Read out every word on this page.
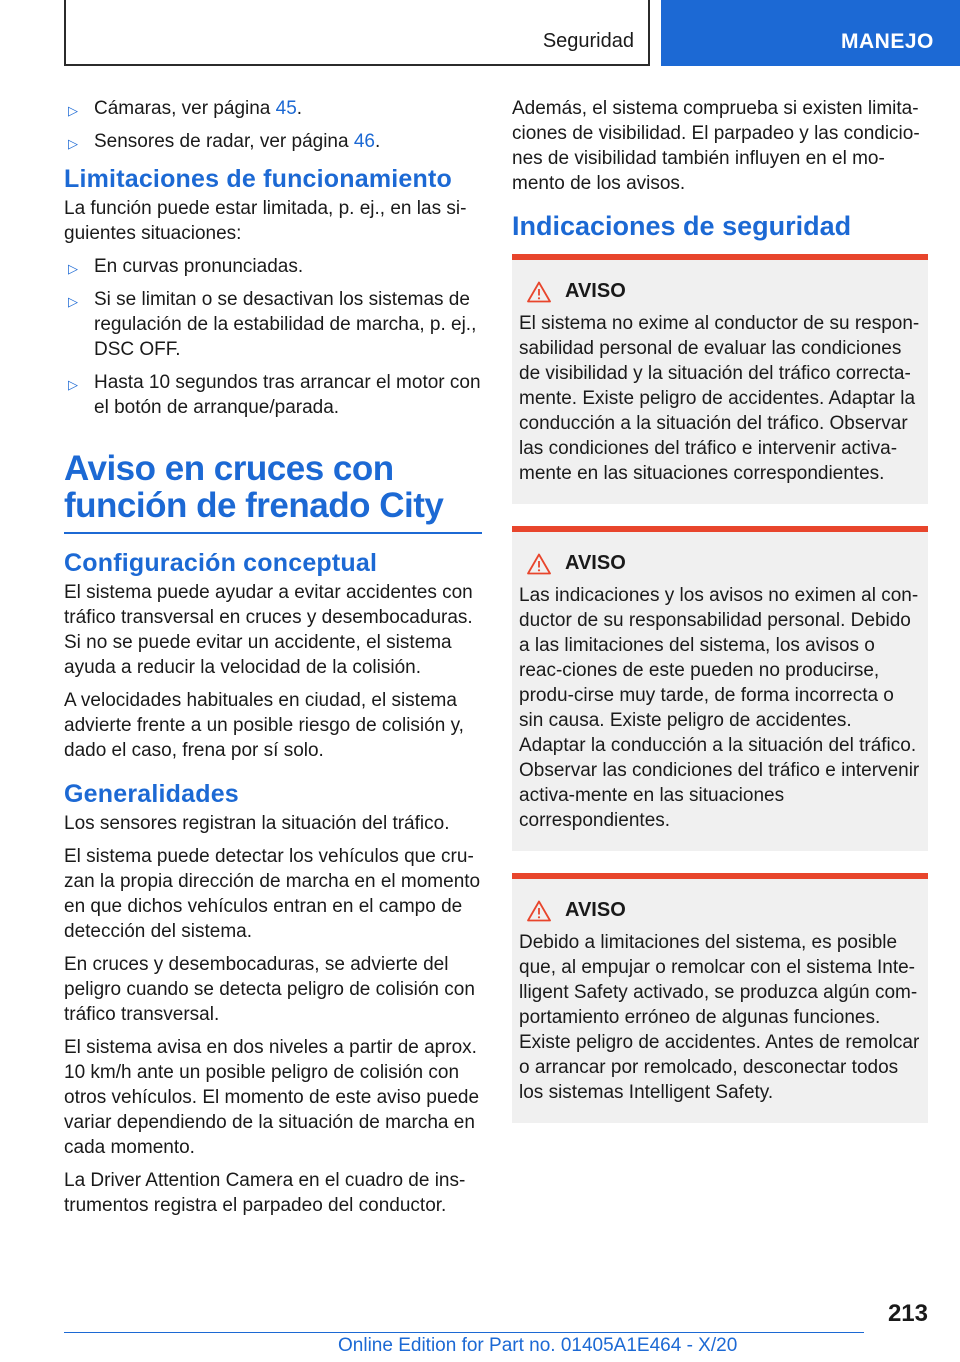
Seguridad	MANEJO
▷ Cámaras, ver página 45.
▷ Sensores de radar, ver página 46.
Limitaciones de funcionamiento

La función puede estar limitada, p. ej., en las si‐guientes situaciones:

▷ En curvas pronunciadas.
▷ Si se limitan o se desactivan los sistemas de regulación de la estabilidad de marcha, p. ej., DSC OFF.
▷ Hasta 10 segundos tras arrancar el motor con el botón de arranque/parada.
Aviso en cruces con función de frenado City
Configuración conceptual

El sistema puede ayudar a evitar accidentes con tráfico transversal en cruces y desembocaduras. Si no se puede evitar un accidente, el sistema ayuda a reducir la velocidad de la colisión.

A velocidades habituales en ciudad, el sistema advierte frente a un posible riesgo de colisión y, dado el caso, frena por sí solo.

Generalidades

Los sensores registran la situación del tráfico.

El sistema puede detectar los vehículos que cru‐zan la propia dirección de marcha en el momento en que dichos vehículos entran en el campo de detección del sistema.

En cruces y desembocaduras, se advierte del peligro cuando se detecta peligro de colisión con tráfico transversal.

El sistema avisa en dos niveles a partir de aprox. 10 km/h ante un posible peligro de colisión con otros vehículos. El momento de este aviso puede variar dependiendo de la situación de marcha en cada momento.

La Driver Attention Camera en el cuadro de ins‐trumentos registra el parpadeo del conductor.

Además, el sistema comprueba si existen limita‐ciones de visibilidad. El parpadeo y las condicio‐nes de visibilidad también influyen en el mo‐mento de los avisos.

Indicaciones de seguridad
AVISO

El sistema no exime al conductor de su respon‐sabilidad personal de evaluar las condiciones de visibilidad y la situación del tráfico correcta‐mente. Existe peligro de accidentes. Adaptar la conducción a la situación del tráfico. Observar las condiciones del tráfico e intervenir activa‐mente en las situaciones correspondientes.

AVISO

Las indicaciones y los avisos no eximen al con‐ductor de su responsabilidad personal. Debido a las limitaciones del sistema, los avisos o reac‐ciones de este pueden no producirse, produ‐cirse muy tarde, de forma incorrecta o sin causa. Existe peligro de accidentes. Adaptar la conducción a la situación del tráfico. Observar las condiciones del tráfico e intervenir activa‐mente en las situaciones correspondientes.

AVISO

Debido a limitaciones del sistema, es posible que, al empujar o remolcar con el sistema Inte‐lligent Safety activado, se produzca algún com‐portamiento erróneo de algunas funciones. Existe peligro de accidentes. Antes de remolcar o arrancar por remolcado, desconectar todos los sistemas Intelligent Safety.

213
Online Edition for Part no. 01405A1E464 - X/20
